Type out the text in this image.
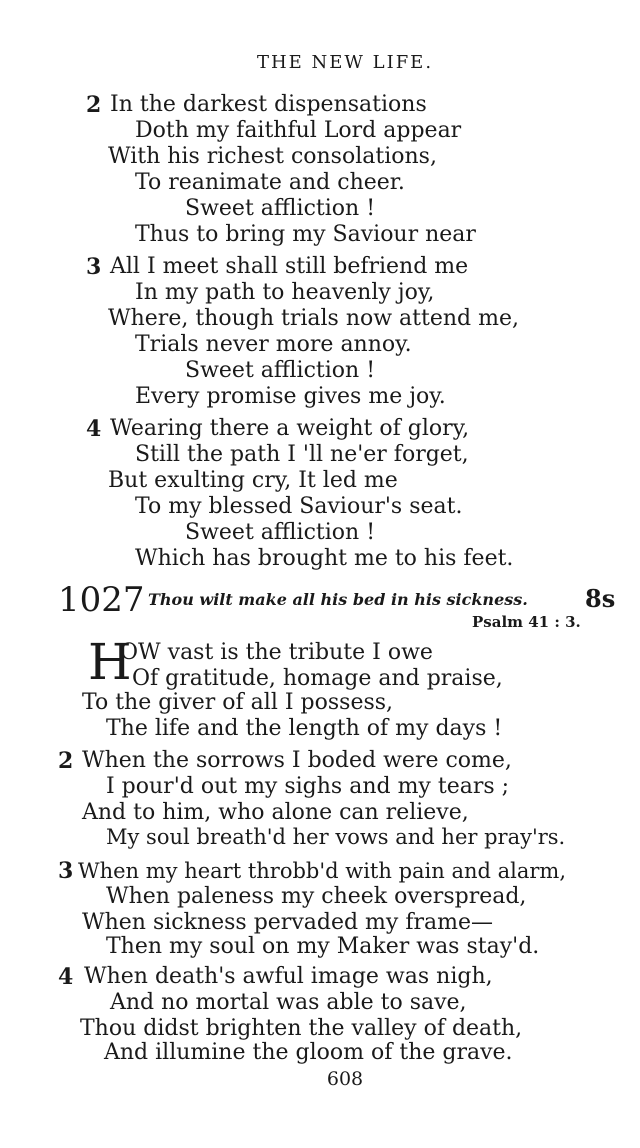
THE NEW LIFE.
2 In the darkest dispensations
Doth my faithful Lord appear
With his richest consolations,
To reanimate and cheer.
Sweet affliction !
Thus to bring my Saviour near
3 All I meet shall still befriend me
In my path to heavenly joy,
Where, though trials now attend me,
Trials never more annoy.
Sweet affliction !
Every promise gives me joy.
4 Wearing there a weight of glory,
Still the path I 'll ne'er forget,
But exulting cry, It led me
To my blessed Saviour's seat.
Sweet affliction !
Which has brought me to his feet.
1027 Thou wilt make all his bed in his sickness. 8s
Psalm 41 : 3.
H
OW vast is the tribute I owe
Of gratitude, homage and praise,
To the giver of all I possess,
The life and the length of my days !
2 When the sorrows I boded were come,
I pour'd out my sighs and my tears ;
And to him, who alone can relieve,
My soul breath'd her vows and her pray'rs.
3 When my heart throbb'd with pain and alarm,
When paleness my cheek overspread,
When sickness pervaded my frame—
Then my soul on my Maker was stay'd.
4 When death's awful image was nigh,
And no mortal was able to save,
Thou didst brighten the valley of death,
And illumine the gloom of the grave.
608
